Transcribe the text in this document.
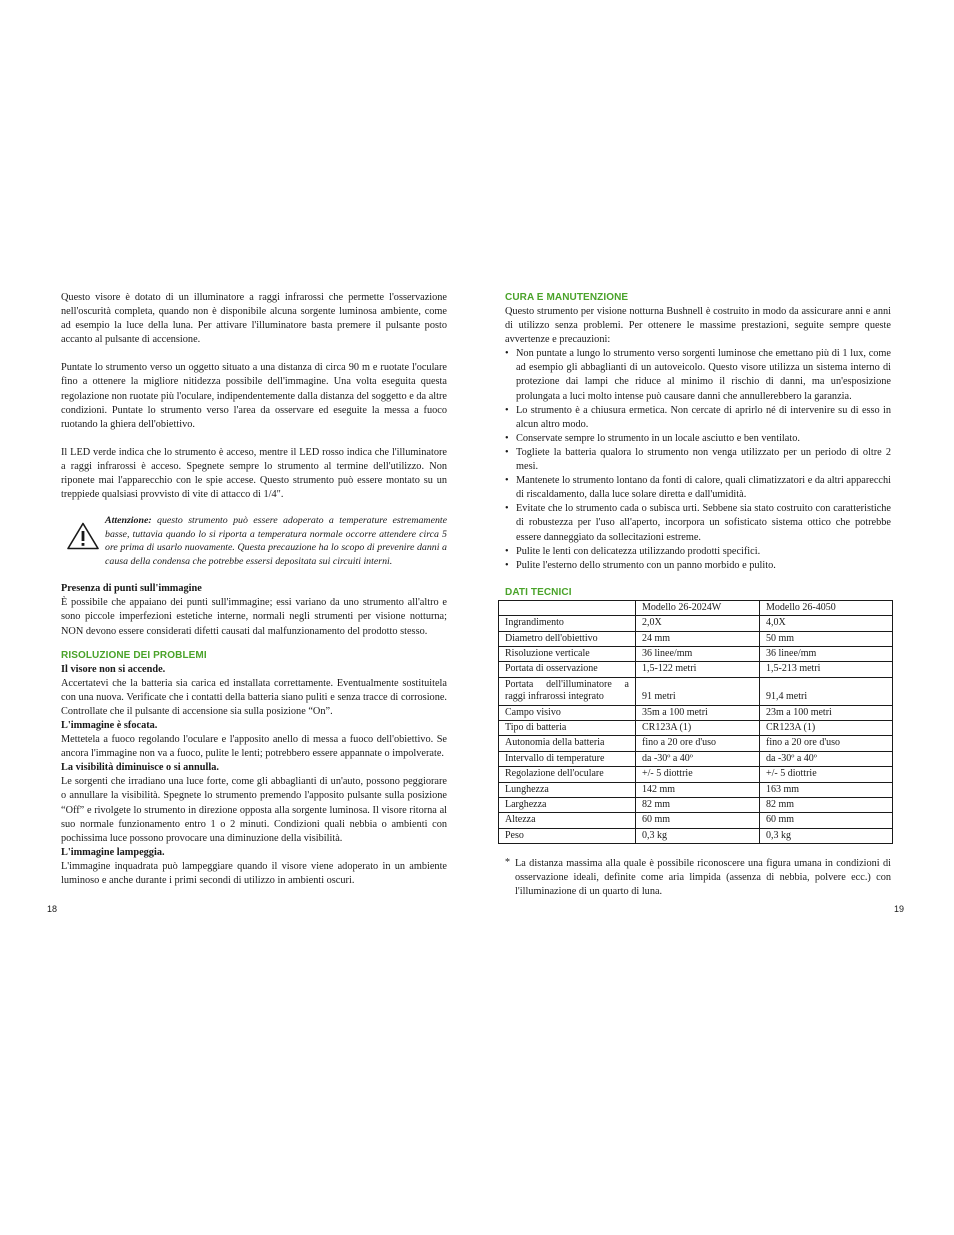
Questo visore è dotato di un illuminatore a raggi infrarossi che permette l'osservazione nell'oscurità completa, quando non è disponibile alcuna sorgente luminosa ambiente, come ad esempio la luce della luna. Per attivare l'illuminatore basta premere il pulsante posto accanto al pulsante di accensione.

Puntate lo strumento verso un oggetto situato a una distanza di circa 90 m e ruotate l'oculare fino a ottenere la migliore nitidezza possibile dell'immagine. Una volta eseguita questa regolazione non ruotate più l'oculare, indipendentemente dalla distanza del soggetto e da altre condizioni. Puntate lo strumento verso l'area da osservare ed eseguite la messa a fuoco ruotando la ghiera dell'obiettivo.

Il LED verde indica che lo strumento è acceso, mentre il LED rosso indica che l'illuminatore a raggi infrarossi è acceso. Spegnete sempre lo strumento al termine dell'utilizzo. Non riponete mai l'apparecchio con le spie accese. Questo strumento può essere montato su un treppiede qualsiasi provvisto di vite di attacco di 1/4".

Attenzione: questo strumento può essere adoperato a temperature estremamente basse, tuttavia quando lo si riporta a temperatura normale occorre attendere circa 5 ore prima di usarlo nuovamente. Questa precauzione ha lo scopo di prevenire danni a causa della condensa che potrebbe essersi depositata sui circuiti interni.

Presenza di punti sull'immagine

È possibile che appaiano dei punti sull'immagine; essi variano da uno strumento all'altro e sono piccole imperfezioni estetiche interne, normali negli strumenti per visione notturna; NON devono essere considerati difetti causati dal malfunzionamento del prodotto stesso.

RISOLUZIONE DEI PROBLEMI

Il visore non si accende.

Accertatevi che la batteria sia carica ed installata correttamente. Eventualmente sostituitela con una nuova. Verificate che i contatti della batteria siano puliti e senza tracce di corrosione. Controllate che il pulsante di accensione sia sulla posizione “On”.

L'immagine è sfocata.

Mettetela a fuoco regolando l'oculare e l'apposito anello di messa a fuoco dell'obiettivo. Se ancora l'immagine non va a fuoco, pulite le lenti; potrebbero essere appannate o impolverate.

La visibilità diminuisce o si annulla.

Le sorgenti che irradiano una luce forte, come gli abbaglianti di un'auto, possono peggiorare o annullare la visibilità. Spegnete lo strumento premendo l'apposito pulsante sulla posizione “Off” e rivolgete lo strumento in direzione opposta alla sorgente luminosa. Il visore ritorna al suo normale funzionamento entro 1 o 2 minuti. Condizioni quali nebbia o ambienti con pochissima luce possono provocare una diminuzione della visibilità.

L'immagine lampeggia.

L'immagine inquadrata può lampeggiare quando il visore viene adoperato in un ambiente luminoso e anche durante i primi secondi di utilizzo in ambienti oscuri.

18

CURA E MANUTENZIONE

Questo strumento per visione notturna Bushnell è costruito in modo da assicurare anni e anni di utilizzo senza problemi. Per ottenere le massime prestazioni, seguite sempre queste avvertenze e precauzioni:

• Non puntate a lungo lo strumento verso sorgenti luminose che emettano più di 1 lux, come ad esempio gli abbaglianti di un autoveicolo. Questo visore utilizza un sistema interno di protezione dai lampi che riduce al minimo il rischio di danni, ma un'esposizione prolungata a luci molto intense può causare danni che annullerebbero la garanzia.
• Lo strumento è a chiusura ermetica. Non cercate di aprirlo né di intervenire su di esso in alcun altro modo.
• Conservate sempre lo strumento in un locale asciutto e ben ventilato.
• Togliete la batteria qualora lo strumento non venga utilizzato per un periodo di oltre 2 mesi.
• Mantenete lo strumento lontano da fonti di calore, quali climatizzatori e da altri apparecchi di riscaldamento, dalla luce solare diretta e dall'umidità.
• Evitate che lo strumento cada o subisca urti. Sebbene sia stato costruito con caratteristiche di robustezza per l'uso all'aperto, incorpora un sofisticato sistema ottico che potrebbe essere danneggiato da sollecitazioni estreme.
• Pulite le lenti con delicatezza utilizzando prodotti specifici.
• Pulite l'esterno dello strumento con un panno morbido e pulito.

DATI TECNICI

	Modello 26-2024W	Modello 26-4050
Ingrandimento	2,0X	4,0X
Diametro dell'obiettivo	24 mm	50 mm
Risoluzione verticale	36 linee/mm	36 linee/mm
Portata di osservazione	1,5-122 metri	1,5-213 metri
Portata dell'illuminatore a raggi infrarossi integrato	91 metri	91,4 metri
Campo visivo	35m a 100 metri	23m a 100 metri
Tipo di batteria	CR123A (1)	CR123A (1)
Autonomia della batteria	fino a 20 ore d'uso	fino a 20 ore d'uso
Intervallo di temperature	da -30º a 40º	da -30º a 40º
Regolazione dell'oculare	+/- 5 diottrie	+/- 5 diottrie
Lunghezza	142 mm	163 mm
Larghezza	82 mm	82 mm
Altezza	60 mm	60 mm
Peso	0,3 kg	0,3 kg

* La distanza massima alla quale è possibile riconoscere una figura umana in condizioni di osservazione ideali, definite come aria limpida (assenza di nebbia, polvere ecc.) con l'illuminazione di un quarto di luna.

19
